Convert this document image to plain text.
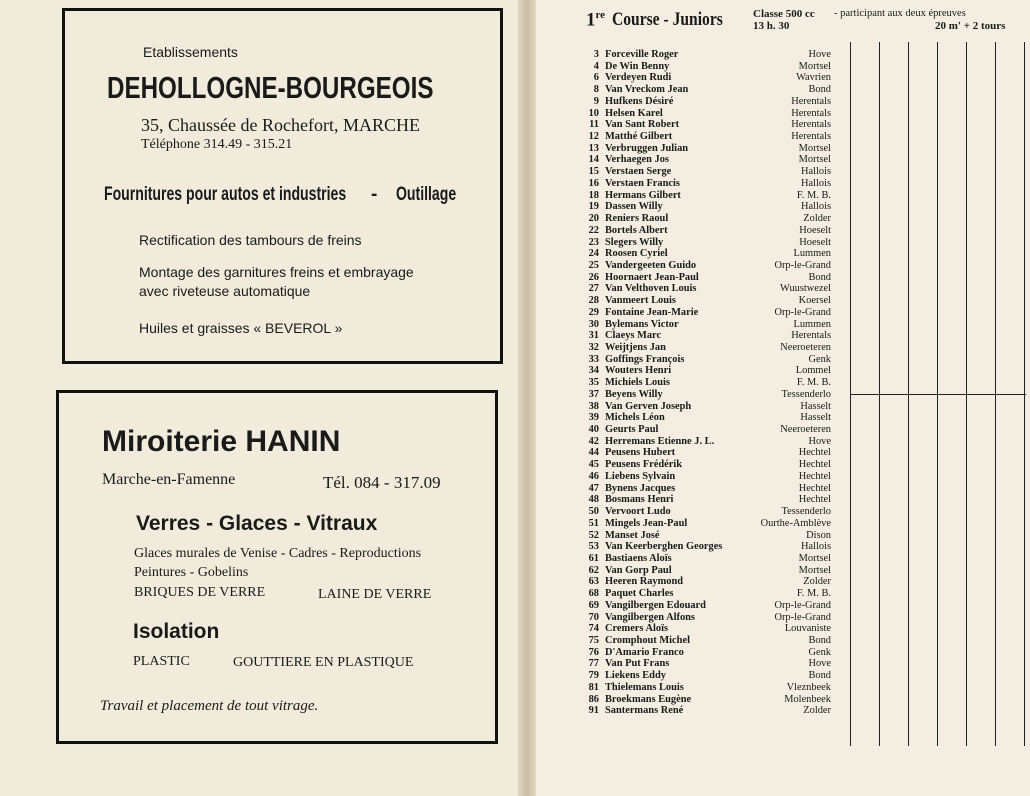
Etablissements
DEHOLLOGNE-BOURGEOIS
35, Chaussée de Rochefort, MARCHE
Téléphone 314.49 - 315.21
Fournitures pour autos et industries - Outillage
Rectification des tambours de freins
Montage des garnitures freins et embrayage
avec riveteuse automatique
Huiles et graisses « BEVEROL »
Miroiterie HANIN
Marche-en-Famenne	Tél. 084 - 317.09
Verres - Glaces - Vitraux
Glaces murales de Venise - Cadres - Reproductions
Peintures - Gobelins
BRIQUES DE VERRE	LAINE DE VERRE
Isolation
PLASTIC	GOUTTIERE EN PLASTIQUE
Travail et placement de tout vitrage.
1re Course - Juniors	Classe 500 cc
13 h. 30
- participant aux deux épreuves
20 m' + 2 tours
3 Forceville Roger	Hove
4 De Win Benny	Mortsel
6 Verdeyen Rudi	Wavrien
8 Van Vreckom Jean	Bond
9 Hufkens Désiré	Herentals
10 Helsen Karel	Herentals
11 Van Sant Robert	Herentals
12 Matthé Gilbert	Herentals
13 Verbruggen Julian	Mortsel
14 Verhaegen Jos	Mortsel
15 Verstaen Serge	Hallois
16 Verstaen Francis	Hallois
18 Hermans Gilbert	F. M. B.
19 Dassen Willy	Hallois
20 Reniers Raoul	Zolder
22 Bortels Albert	Hoeselt
23 Slegers Willy	Hoeselt
24 Roosen Cyriel	Lummen
25 Vandergeeten Guido	Orp-le-Grand
26 Hoornaert Jean-Paul	Bond
27 Van Velthoven Louis	Wuustwezel
28 Vanmeert Louis	Koersel
29 Fontaine Jean-Marie	Orp-le-Grand
30 Bylemans Victor	Lummen
31 Claeys Marc	Herentals
32 Weijtjens Jan	Neeroeteren
33 Goffings François	Genk
34 Wouters Henri	Lommel
35 Michiels Louis	F. M. B.
37 Beyens Willy	Tessenderlo
38 Van Gerven Joseph	Hasselt
39 Michels Léon	Hasselt
40 Geurts Paul	Neeroeteren
42 Herremans Etienne J. L.	Hove
44 Peusens Hubert	Hechtel
45 Peusens Frédérik	Hechtel
46 Liebens Sylvain	Hechtel
47 Bynens Jacques	Hechtel
48 Bosmans Henri	Hechtel
50 Vervoort Ludo	Tessenderlo
51 Mingels Jean-Paul	Ourthe-Amblève
52 Manset José	Dison
53 Van Keerberghen Georges	Hallois
61 Bastiaens Aloïs	Mortsel
62 Van Gorp Paul	Mortsel
63 Heeren Raymond	Zolder
68 Paquet Charles	F. M. B.
69 Vangilbergen Edouard	Orp-le-Grand
70 Vangilbergen Alfons	Orp-le-Grand
74 Cremers Aloïs	Louvaniste
75 Cromphout Michel	Bond
76 D'Amario Franco	Genk
77 Van Put Frans	Hove
79 Liekens Eddy	Bond
81 Thielemans Louis	Vleznbeek
86 Broekmans Eugène	Molenbeek
91 Santermans René	Zolder
